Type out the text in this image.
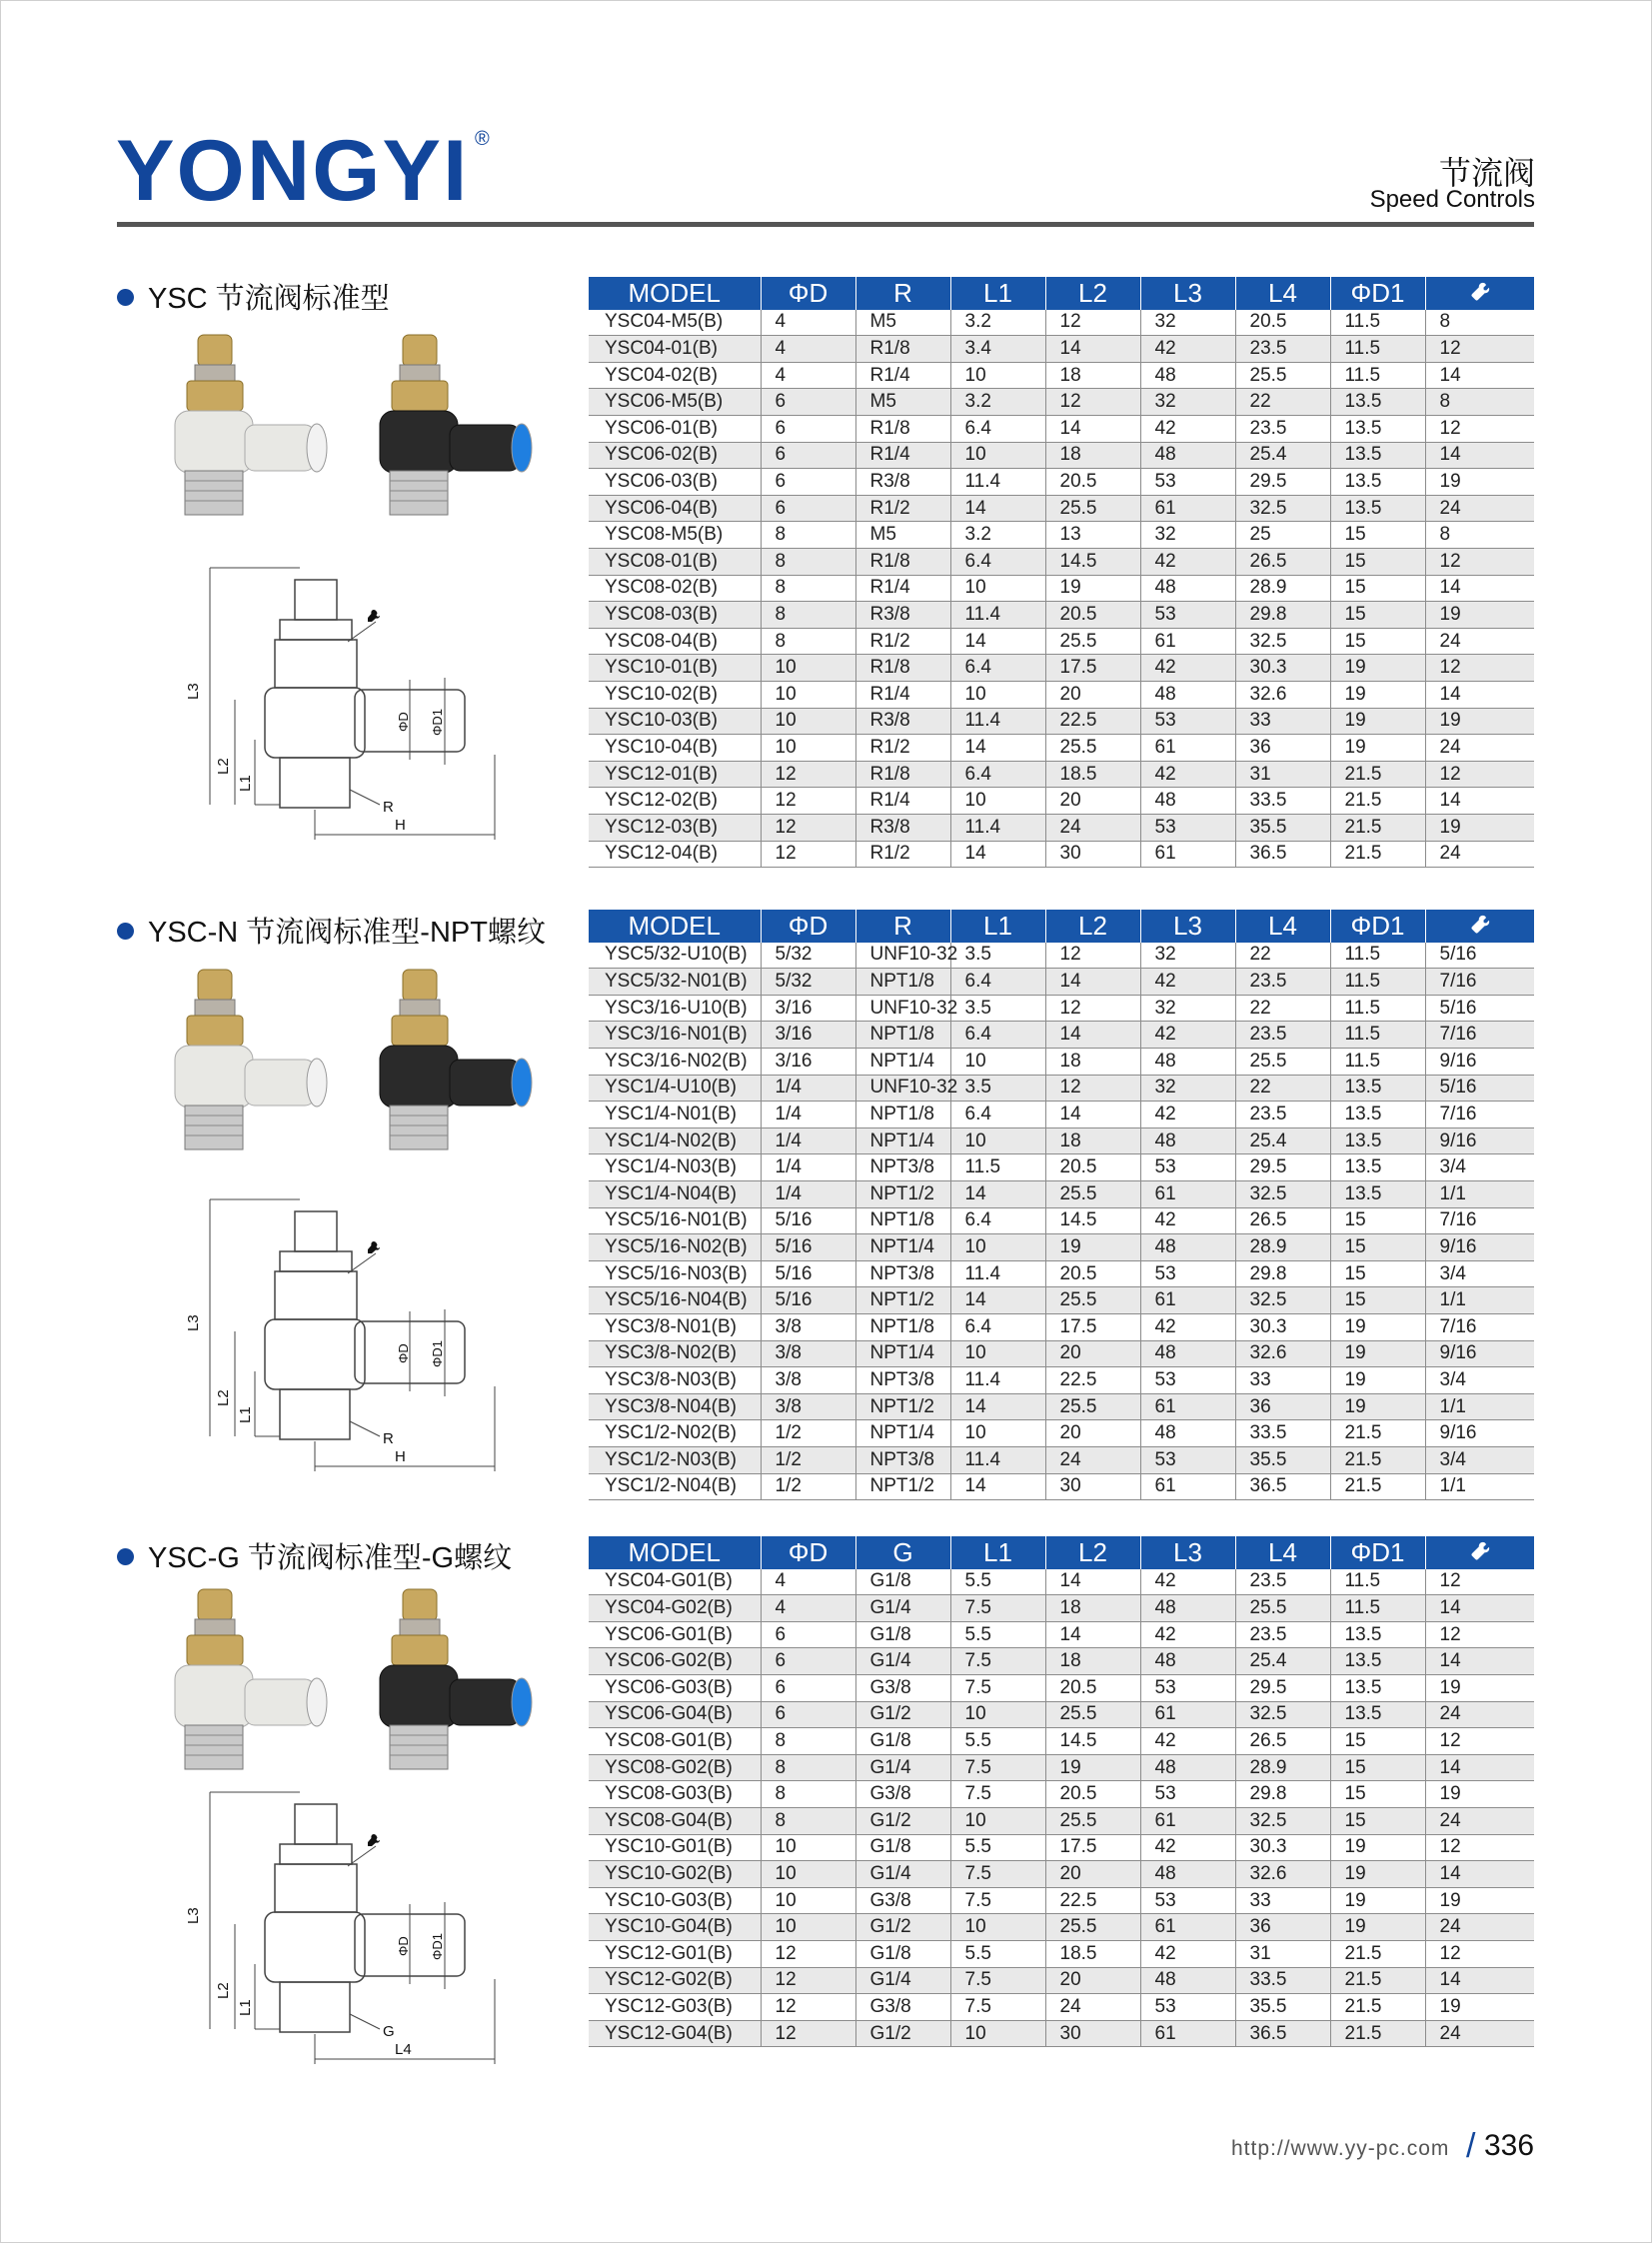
YONGYI ®
节流阀
Speed Controls
YSC 节流阀标准型
L3
L2
L1
ΦD ΦD1
R
H
MODEL	ΦD	R	L1	L2	L3	L4	ΦD1	
YSC04-M5(B)	4	M5	3.2	12	32	20.5	11.5	8
YSC04-01(B)	4	R1/8	3.4	14	42	23.5	11.5	12
YSC04-02(B)	4	R1/4	10	18	48	25.5	11.5	14
YSC06-M5(B)	6	M5	3.2	12	32	22	13.5	8
YSC06-01(B)	6	R1/8	6.4	14	42	23.5	13.5	12
YSC06-02(B)	6	R1/4	10	18	48	25.4	13.5	14
YSC06-03(B)	6	R3/8	11.4	20.5	53	29.5	13.5	19
YSC06-04(B)	6	R1/2	14	25.5	61	32.5	13.5	24
YSC08-M5(B)	8	M5	3.2	13	32	25	15	8
YSC08-01(B)	8	R1/8	6.4	14.5	42	26.5	15	12
YSC08-02(B)	8	R1/4	10	19	48	28.9	15	14
YSC08-03(B)	8	R3/8	11.4	20.5	53	29.8	15	19
YSC08-04(B)	8	R1/2	14	25.5	61	32.5	15	24
YSC10-01(B)	10	R1/8	6.4	17.5	42	30.3	19	12
YSC10-02(B)	10	R1/4	10	20	48	32.6	19	14
YSC10-03(B)	10	R3/8	11.4	22.5	53	33	19	19
YSC10-04(B)	10	R1/2	14	25.5	61	36	19	24
YSC12-01(B)	12	R1/8	6.4	18.5	42	31	21.5	12
YSC12-02(B)	12	R1/4	10	20	48	33.5	21.5	14
YSC12-03(B)	12	R3/8	11.4	24	53	35.5	21.5	19
YSC12-04(B)	12	R1/2	14	30	61	36.5	21.5	24
YSC-N 节流阀标准型-NPT螺纹
L3
L2
L1
ΦD ΦD1
R
H
MODEL	ΦD	R	L1	L2	L3	L4	ΦD1	
YSC5/32-U10(B)	5/32	UNF10-32	3.5	12	32	22	11.5	5/16
YSC5/32-N01(B)	5/32	NPT1/8	6.4	14	42	23.5	11.5	7/16
YSC3/16-U10(B)	3/16	UNF10-32	3.5	12	32	22	11.5	5/16
YSC3/16-N01(B)	3/16	NPT1/8	6.4	14	42	23.5	11.5	7/16
YSC3/16-N02(B)	3/16	NPT1/4	10	18	48	25.5	11.5	9/16
YSC1/4-U10(B)	1/4	UNF10-32	3.5	12	32	22	13.5	5/16
YSC1/4-N01(B)	1/4	NPT1/8	6.4	14	42	23.5	13.5	7/16
YSC1/4-N02(B)	1/4	NPT1/4	10	18	48	25.4	13.5	9/16
YSC1/4-N03(B)	1/4	NPT3/8	11.5	20.5	53	29.5	13.5	3/4
YSC1/4-N04(B)	1/4	NPT1/2	14	25.5	61	32.5	13.5	1/1
YSC5/16-N01(B)	5/16	NPT1/8	6.4	14.5	42	26.5	15	7/16
YSC5/16-N02(B)	5/16	NPT1/4	10	19	48	28.9	15	9/16
YSC5/16-N03(B)	5/16	NPT3/8	11.4	20.5	53	29.8	15	3/4
YSC5/16-N04(B)	5/16	NPT1/2	14	25.5	61	32.5	15	1/1
YSC3/8-N01(B)	3/8	NPT1/8	6.4	17.5	42	30.3	19	7/16
YSC3/8-N02(B)	3/8	NPT1/4	10	20	48	32.6	19	9/16
YSC3/8-N03(B)	3/8	NPT3/8	11.4	22.5	53	33	19	3/4
YSC3/8-N04(B)	3/8	NPT1/2	14	25.5	61	36	19	1/1
YSC1/2-N02(B)	1/2	NPT1/4	10	20	48	33.5	21.5	9/16
YSC1/2-N03(B)	1/2	NPT3/8	11.4	24	53	35.5	21.5	3/4
YSC1/2-N04(B)	1/2	NPT1/2	14	30	61	36.5	21.5	1/1
YSC-G 节流阀标准型-G螺纹
L3
L2
L1
ΦD ΦD1
G
L4
MODEL	ΦD	G	L1	L2	L3	L4	ΦD1	
YSC04-G01(B)	4	G1/8	5.5	14	42	23.5	11.5	12
YSC04-G02(B)	4	G1/4	7.5	18	48	25.5	11.5	14
YSC06-G01(B)	6	G1/8	5.5	14	42	23.5	13.5	12
YSC06-G02(B)	6	G1/4	7.5	18	48	25.4	13.5	14
YSC06-G03(B)	6	G3/8	7.5	20.5	53	29.5	13.5	19
YSC06-G04(B)	6	G1/2	10	25.5	61	32.5	13.5	24
YSC08-G01(B)	8	G1/8	5.5	14.5	42	26.5	15	12
YSC08-G02(B)	8	G1/4	7.5	19	48	28.9	15	14
YSC08-G03(B)	8	G3/8	7.5	20.5	53	29.8	15	19
YSC08-G04(B)	8	G1/2	10	25.5	61	32.5	15	24
YSC10-G01(B)	10	G1/8	5.5	17.5	42	30.3	19	12
YSC10-G02(B)	10	G1/4	7.5	20	48	32.6	19	14
YSC10-G03(B)	10	G3/8	7.5	22.5	53	33	19	19
YSC10-G04(B)	10	G1/2	10	25.5	61	36	19	24
YSC12-G01(B)	12	G1/8	5.5	18.5	42	31	21.5	12
YSC12-G02(B)	12	G1/4	7.5	20	48	33.5	21.5	14
YSC12-G03(B)	12	G3/8	7.5	24	53	35.5	21.5	19
YSC12-G04(B)	12	G1/2	10	30	61	36.5	21.5	24
http://www.yy-pc.com / 336
